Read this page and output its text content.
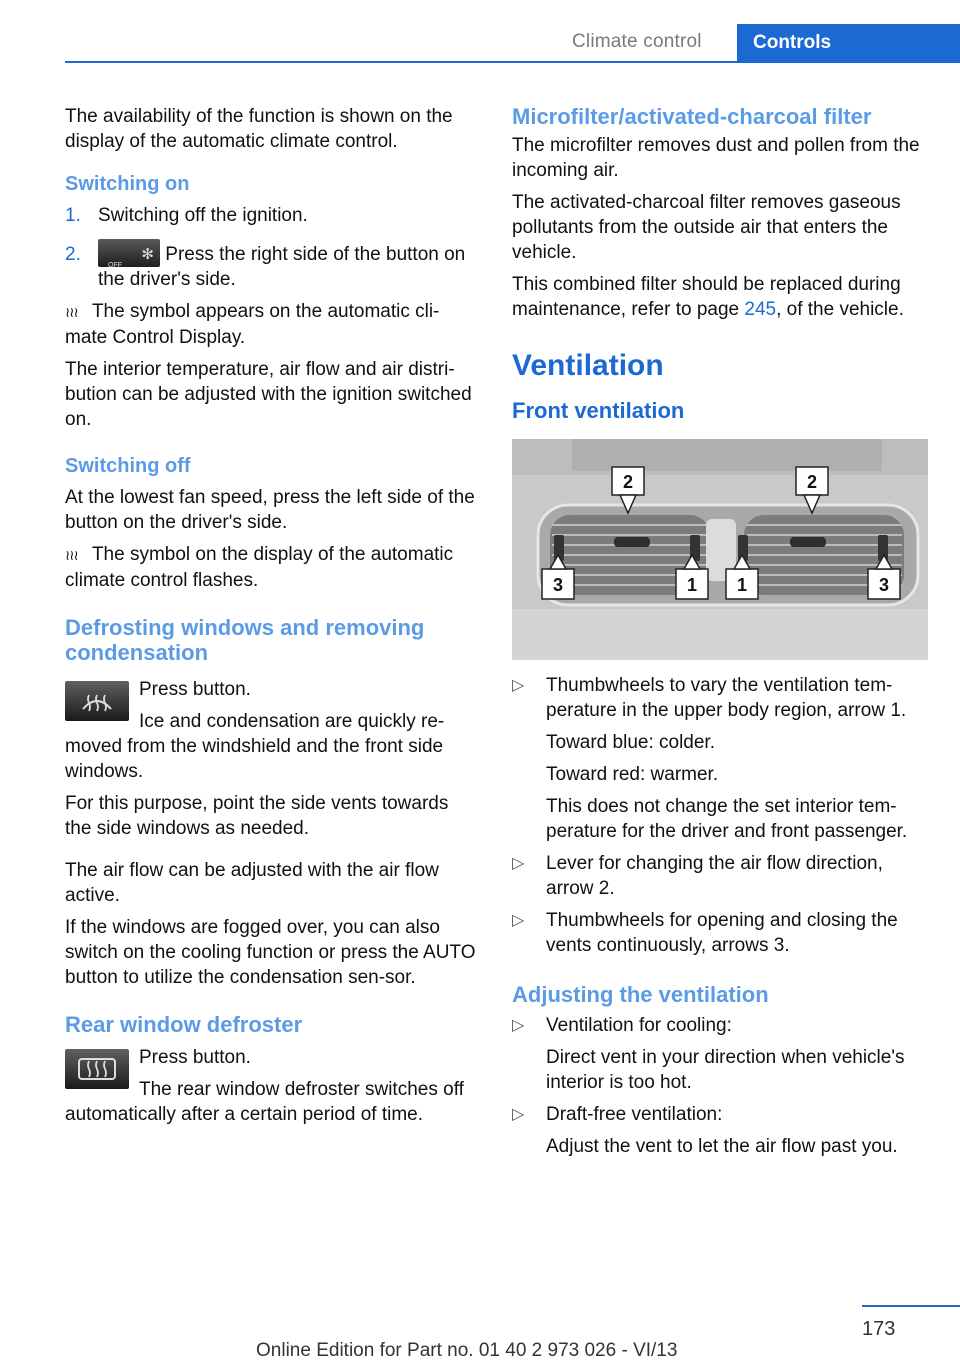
Climate control	Controls

The availability of the function is shown on the display of the automatic climate control.

Switching on
1. Switching off the ignition.
2.
OFF
✻ Press the right side of the button on the driver's side.

≀≀≀ The symbol appears on the automatic cli-mate Control Display.

The interior temperature, air flow and air distri-bution can be adjusted with the ignition switched on.

Switching off

At the lowest fan speed, press the left side of the button on the driver's side.

≀≀≀ The symbol on the display of the automatic climate control flashes.

Defrosting windows and removing condensation

Press button.

Ice and condensation are quickly re-moved from the windshield and the front side windows.

For this purpose, point the side vents towards the side windows as needed.

The air flow can be adjusted with the air flow active.

If the windows are fogged over, you can also switch on the cooling function or press the AUTO button to utilize the condensation sen-sor.

Rear window defroster

Press button.

The rear window defroster switches off automatically after a certain period of time.

Microfilter/activated-charcoal filter

The microfilter removes dust and pollen from the incoming air.

The activated-charcoal filter removes gaseous pollutants from the outside air that enters the vehicle.

This combined filter should be replaced during maintenance, refer to page 245, of the vehicle.

Ventilation
Front ventilation
2	2
3	1 1	3
▷ Thumbwheels to vary the ventilation tem-perature in the upper body region, arrow 1.
Toward blue: colder.
Toward red: warmer.
This does not change the set interior tem-perature for the driver and front passenger.
▷ Lever for changing the air flow direction, arrow 2.
▷ Thumbwheels for opening and closing the vents continuously, arrows 3.
Adjusting the ventilation
▷ Ventilation for cooling:
Direct vent in your direction when vehicle's interior is too hot.
▷ Draft-free ventilation:
Adjust the vent to let the air flow past you.
173
Online Edition for Part no. 01 40 2 973 026 - VI/13
